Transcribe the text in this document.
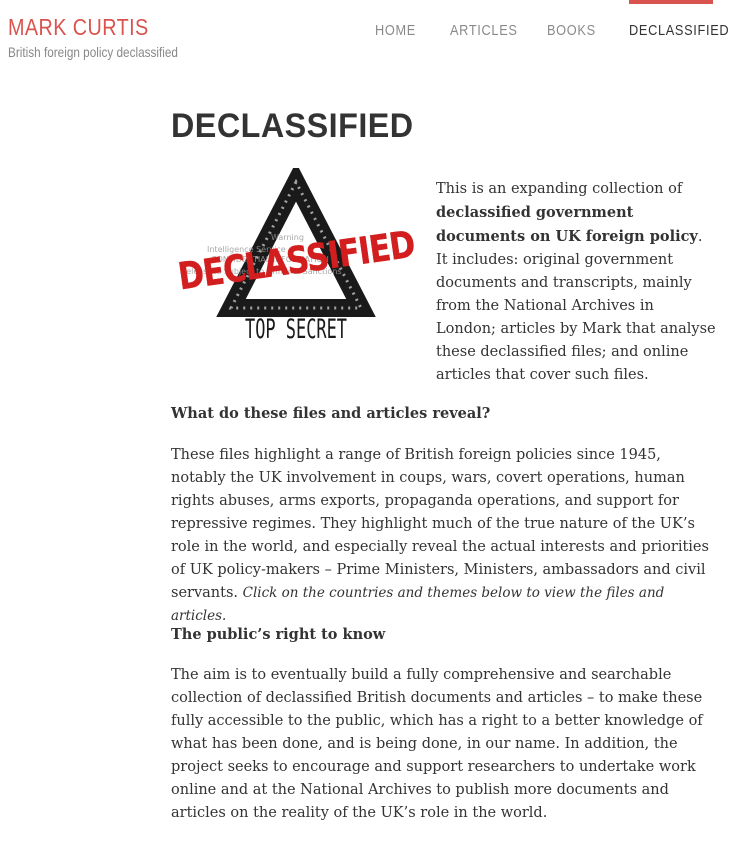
MARK CURTIS
British foreign policy declassified
HOME ARTICLES BOOKS DECLASSIFIED
DECLASSIFIED
Warning
Intelligence Service
CONFIDENTIAL INFORMATION
Release is Subject to Criminal Sanctions
DECLASSIFIED
TOP SECRET

This is an expanding collection of declassified government documents on UK foreign policy. It includes: original government documents and transcripts, mainly from the National Archives in London; articles by Mark that analyse these declassified files; and online articles that cover such files.

What do these files and articles reveal?

These files highlight a range of British foreign policies since 1945, notably the UK involvement in coups, wars, covert operations, human rights abuses, arms exports, propaganda operations, and support for repressive regimes. They highlight much of the true nature of the UK’s role in the world, and especially reveal the actual interests and priorities of UK policy-makers – Prime Ministers, Ministers, ambassadors and civil servants. Click on the countries and themes below to view the files and articles.

The public’s right to know

The aim is to eventually build a fully comprehensive and searchable collection of declassified British documents and articles – to make these fully accessible to the public, which has a right to a better knowledge of what has been done, and is being done, in our name. In addition, the project seeks to encourage and support researchers to undertake work online and at the National Archives to publish more documents and articles on the reality of the UK’s role in the world.
